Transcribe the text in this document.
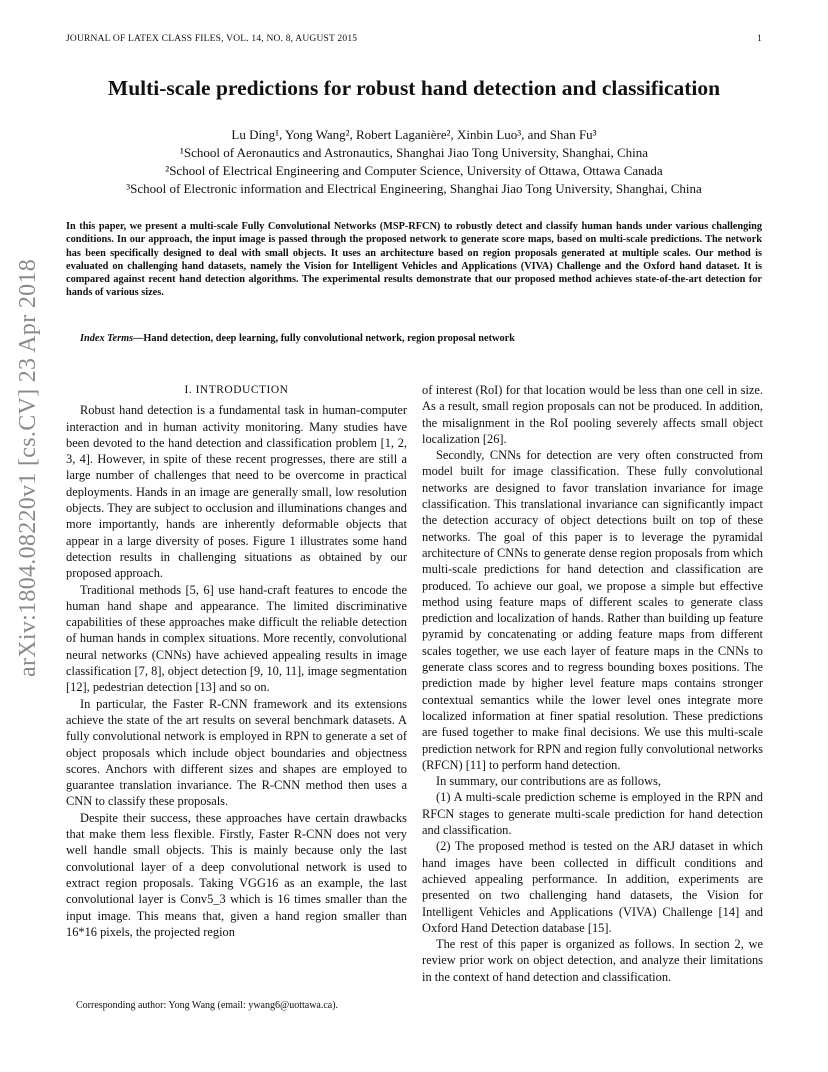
JOURNAL OF LATEX CLASS FILES, VOL. 14, NO. 8, AUGUST 2015	1
arXiv:1804.08220v1 [cs.CV] 23 Apr 2018
Multi-scale predictions for robust hand detection and classification
Lu Ding¹, Yong Wang², Robert Laganière², Xinbin Luo³, and Shan Fu³
¹School of Aeronautics and Astronautics, Shanghai Jiao Tong University, Shanghai, China
²School of Electrical Engineering and Computer Science, University of Ottawa, Ottawa Canada
³School of Electronic information and Electrical Engineering, Shanghai Jiao Tong University, Shanghai, China
In this paper, we present a multi-scale Fully Convolutional Networks (MSP-RFCN) to robustly detect and classify human hands under various challenging conditions. In our approach, the input image is passed through the proposed network to generate score maps, based on multi-scale predictions. The network has been specifically designed to deal with small objects. It uses an architecture based on region proposals generated at multiple scales. Our method is evaluated on challenging hand datasets, namely the Vision for Intelligent Vehicles and Applications (VIVA) Challenge and the Oxford hand dataset. It is compared against recent hand detection algorithms. The experimental results demonstrate that our proposed method achieves state-of-the-art detection for hands of various sizes.
Index Terms—Hand detection, deep learning, fully convolutional network, region proposal network
I. INTRODUCTION

Robust hand detection is a fundamental task in human-computer interaction and in human activity monitoring. Many studies have been devoted to the hand detection and classification problem [1, 2, 3, 4]. However, in spite of these recent progresses, there are still a large number of challenges that need to be overcome in practical deployments. Hands in an image are generally small, low resolution objects. They are subject to occlusion and illuminations changes and more importantly, hands are inherently deformable objects that appear in a large diversity of poses. Figure 1 illustrates some hand detection results in challenging situations as obtained by our proposed approach.

Traditional methods [5, 6] use hand-craft features to encode the human hand shape and appearance. The limited discriminative capabilities of these approaches make difficult the reliable detection of human hands in complex situations. More recently, convolutional neural networks (CNNs) have achieved appealing results in image classification [7, 8], object detection [9, 10, 11], image segmentation [12], pedestrian detection [13] and so on.

In particular, the Faster R-CNN framework and its extensions achieve the state of the art results on several benchmark datasets. A fully convolutional network is employed in RPN to generate a set of object proposals which include object boundaries and objectness scores. Anchors with different sizes and shapes are employed to guarantee translation invariance. The R-CNN method then uses a CNN to classify these proposals.

Despite their success, these approaches have certain drawbacks that make them less flexible. Firstly, Faster R-CNN does not very well handle small objects. This is mainly because only the last convolutional layer of a deep convolutional network is used to extract region proposals. Taking VGG16 as an example, the last convolutional layer is Conv5_3 which is 16 times smaller than the input image. This means that, given a hand region smaller than 16*16 pixels, the projected region

of interest (RoI) for that location would be less than one cell in size. As a result, small region proposals can not be produced. In addition, the misalignment in the RoI pooling severely affects small object localization [26].

Secondly, CNNs for detection are very often constructed from model built for image classification. These fully convolutional networks are designed to favor translation invariance for image classification. This translational invariance can significantly impact the detection accuracy of object detections built on top of these networks. The goal of this paper is to leverage the pyramidal architecture of CNNs to generate dense region proposals from which multi-scale predictions for hand detection and classification are produced. To achieve our goal, we propose a simple but effective method using feature maps of different scales to generate class prediction and localization of hands. Rather than building up feature pyramid by concatenating or adding feature maps from different scales together, we use each layer of feature maps in the CNNs to generate class scores and to regress bounding boxes positions. The prediction made by higher level feature maps contains stronger contextual semantics while the lower level ones integrate more localized information at finer spatial resolution. These predictions are fused together to make final decisions. We use this multi-scale prediction network for RPN and region fully convolutional networks (RFCN) [11] to perform hand detection.

In summary, our contributions are as follows,

(1) A multi-scale prediction scheme is employed in the RPN and RFCN stages to generate multi-scale prediction for hand detection and classification.

(2) The proposed method is tested on the ARJ dataset in which hand images have been collected in difficult conditions and achieved appealing performance. In addition, experiments are presented on two challenging hand datasets, the Vision for Intelligent Vehicles and Applications (VIVA) Challenge [14] and Oxford Hand Detection database [15].

The rest of this paper is organized as follows. In section 2, we review prior work on object detection, and analyze their limitations in the context of hand detection and classification.

Corresponding author: Yong Wang (email: ywang6@uottawa.ca).
